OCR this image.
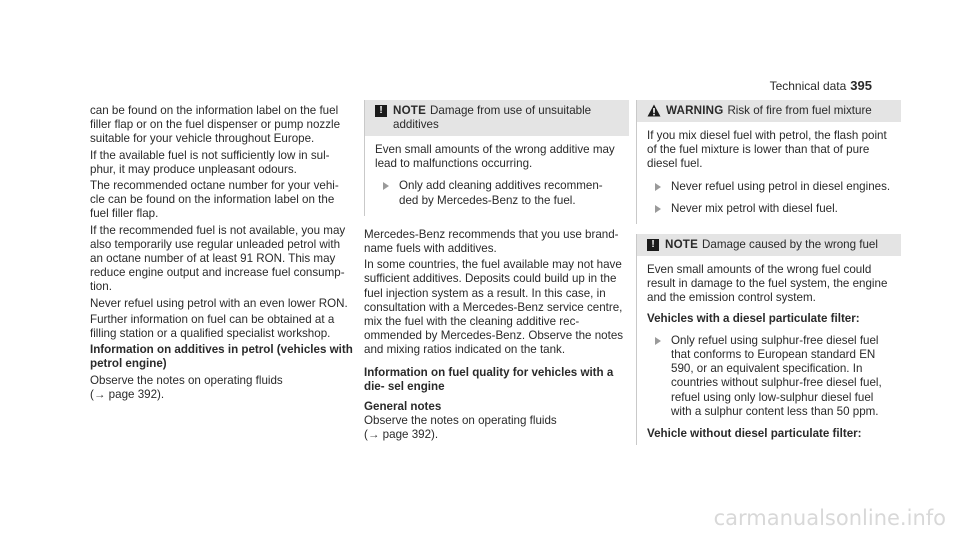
Technical data 395

can be found on the information label on the fuel filler flap or on the fuel dispenser or pump nozzle suitable for your vehicle throughout Europe.

If the available fuel is not sufficiently low in sul- phur, it may produce unpleasant odours.

The recommended octane number for your vehi- cle can be found on the information label on the fuel filler flap.

If the recommended fuel is not available, you may also temporarily use regular unleaded petrol with an octane number of at least 91 RON. This may reduce engine output and increase fuel consump- tion.

Never refuel using petrol with an even lower RON.

Further information on fuel can be obtained at a filling station or a qualified specialist workshop.

Information on additives in petrol (vehicles with petrol engine)

Observe the notes on operating fluids

(→ page 392).

! NOTE Damage from use of unsuitable additives

Even small amounts of the wrong additive may lead to malfunctions occurring.

Only add cleaning additives recommen- ded by Mercedes-Benz to the fuel.

Mercedes-Benz recommends that you use brand- name fuels with additives.

In some countries, the fuel available may not have sufficient additives. Deposits could build up in the fuel injection system as a result. In this case, in consultation with a Mercedes-Benz service centre, mix the fuel with the cleaning additive rec- ommended by Mercedes-Benz. Observe the notes and mixing ratios indicated on the tank.

Information on fuel quality for vehicles with a die- sel engine

General notes

Observe the notes on operating fluids

(→ page 392).

WARNING Risk of fire from fuel mixture

If you mix diesel fuel with petrol, the flash point of the fuel mixture is lower than that of pure diesel fuel.

Never refuel using petrol in diesel engines.
Never mix petrol with diesel fuel.
! NOTE Damage caused by the wrong fuel

Even small amounts of the wrong fuel could result in damage to the fuel system, the engine and the emission control system.

Vehicles with a diesel particulate filter:

Only refuel using sulphur-free diesel fuel that conforms to European standard EN 590, or an equivalent specification. In countries without sulphur-free diesel fuel, refuel using only low-sulphur diesel fuel with a sulphur content less than 50 ppm.

Vehicle without diesel particulate filter:

carmanualsonline.info
